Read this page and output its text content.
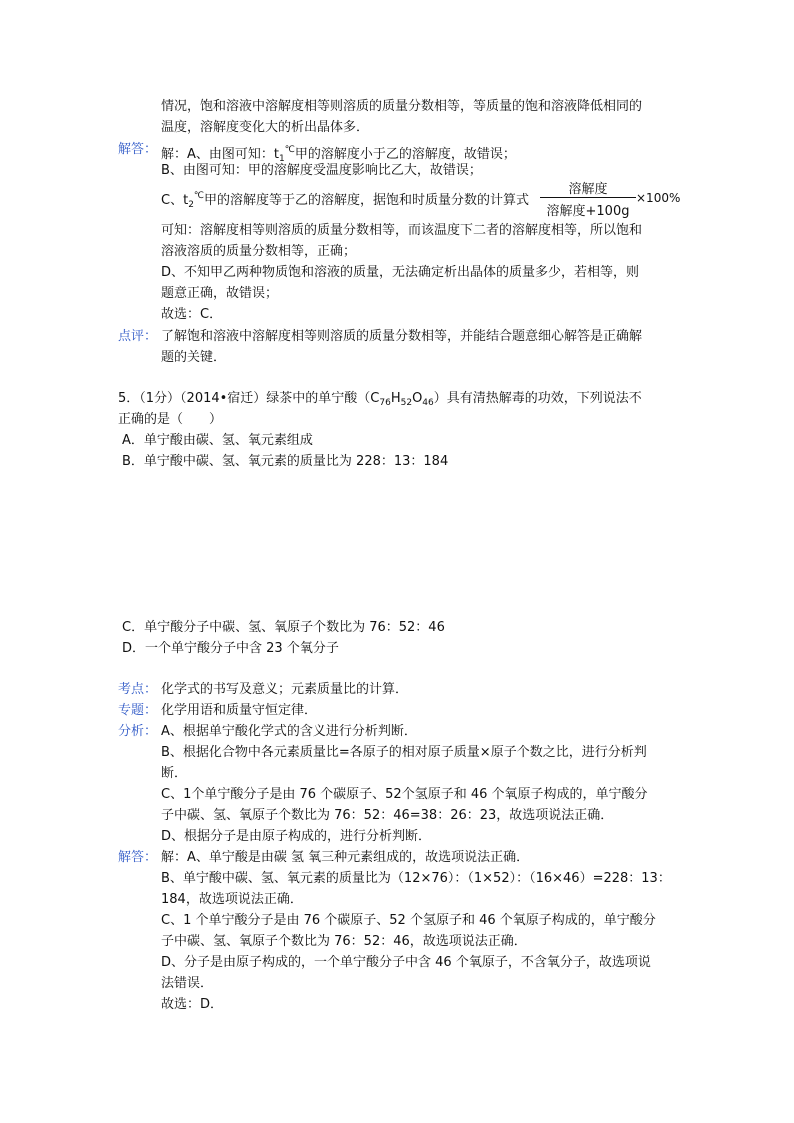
情况，饱和溶液中溶解度相等则溶质的质量分数相等，等质量的饱和溶液降低相同的
温度，溶解度变化大的析出晶体多．
解答： 解：A、由图可知：$t_1^℃$甲的溶解度小于乙的溶解度，故错误；
B、由图可知：甲的溶解度受温度影响比乙大，故错误；
C、$t_2^℃$甲的溶解度等于乙的溶解度，据饱和时质量分数的计算式
溶解度
溶解度+100g
×100%
可知：溶解度相等则溶质的质量分数相等，而该温度下二者的溶解度相等，所以饱和
溶液溶质的质量分数相等，正确；
D、不知甲乙两种物质饱和溶液的质量，无法确定析出晶体的质量多少，若相等，则
题意正确，故错误；
故选：C．
点评： 了解饱和溶液中溶解度相等则溶质的质量分数相等，并能结合题意细心解答是正确解
题的关键．
5．（1分）（2014•宿迁）绿茶中的单宁酸$(C_{76}H_{52}O_{46})$具有清热解毒的功效，下列说法不
正确的是（　　）
A．单宁酸由碳、氢、氧元素组成
B．单宁酸中碳、氢、氧元素的质量比为 228：13：184
C．单宁酸分子中碳、氢、氧原子个数比为 76：52：46
D．一个单宁酸分子中含 23 个氧分子
考点： 化学式的书写及意义；元素质量比的计算．
专题： 化学用语和质量守恒定律．
分析： A、根据单宁酸化学式的含义进行分析判断．
B、根据化合物中各元素质量比=各原子的相对原子质量×原子个数之比，进行分析判
断．
C、1个单宁酸分子是由 76 个碳原子、52个氢原子和 46 个氧原子构成的，单宁酸分
子中碳、氢、氧原子个数比为 76：52：46=38：26：23，故选项说法正确．
D、根据分子是由原子构成的，进行分析判断．
解答： 解：A、单宁酸是由碳 氢 氧三种元素组成的，故选项说法正确．
B、单宁酸中碳、氢、氧元素的质量比为（12×76）：（1×52）：（16×46）=228：13：
184，故选项说法正确．
C、1 个单宁酸分子是由 76 个碳原子、52 个氢原子和 46 个氧原子构成的，单宁酸分
子中碳、氢、氧原子个数比为 76：52：46，故选项说法正确．
D、分子是由原子构成的，一个单宁酸分子中含 46 个氧原子，不含氧分子，故选项说
法错误．
故选：D．
